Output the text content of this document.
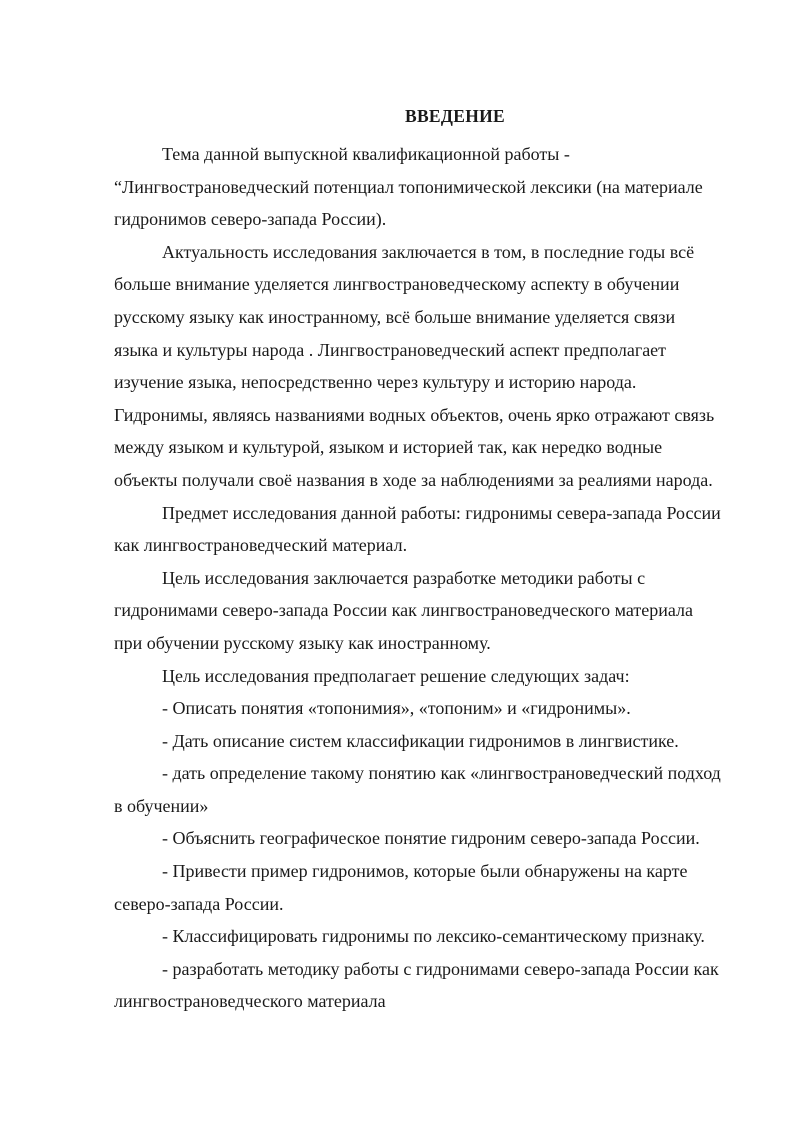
ВВЕДЕНИЕ
Тема данной выпускной квалификационной работы -
“Лингвострановедческий потенциал топонимической лексики (на материале
гидронимов северо-запада России).
Актуальность исследования заключается в том, в последние годы всё
больше внимание уделяется лингвострановедческому аспекту в обучении
русскому языку как иностранному, всё больше внимание уделяется связи
языка и культуры народа . Лингвострановедческий аспект предполагает
изучение языка, непосредственно через культуру и историю народа.
Гидронимы, являясь названиями водных объектов, очень ярко отражают связь
между языком и культурой, языком и историей так, как нередко водные
объекты получали своё названия в ходе за наблюдениями за реалиями народа.
Предмет исследования данной работы: гидронимы севера-запада России
как лингвострановедческий материал.
Цель исследования заключается разработке методики работы с
гидронимами северо-запада России как лингвострановедческого материала
при обучении русскому языку как иностранному.
Цель исследования предполагает решение следующих задач:
- Описать понятия «топонимия», «топоним» и «гидронимы».
- Дать описание систем классификации гидронимов в лингвистике.
- дать определение такому понятию как «лингвострановедческий подход
в обучении»
- Объяснить географическое понятие гидроним северо-запада России.
- Привести пример гидронимов, которые были обнаружены на карте
северо-запада России.
- Классифицировать гидронимы по лексико-семантическому признаку.
- разработать методику работы с гидронимами северо-запада России как
лингвострановедческого материала
